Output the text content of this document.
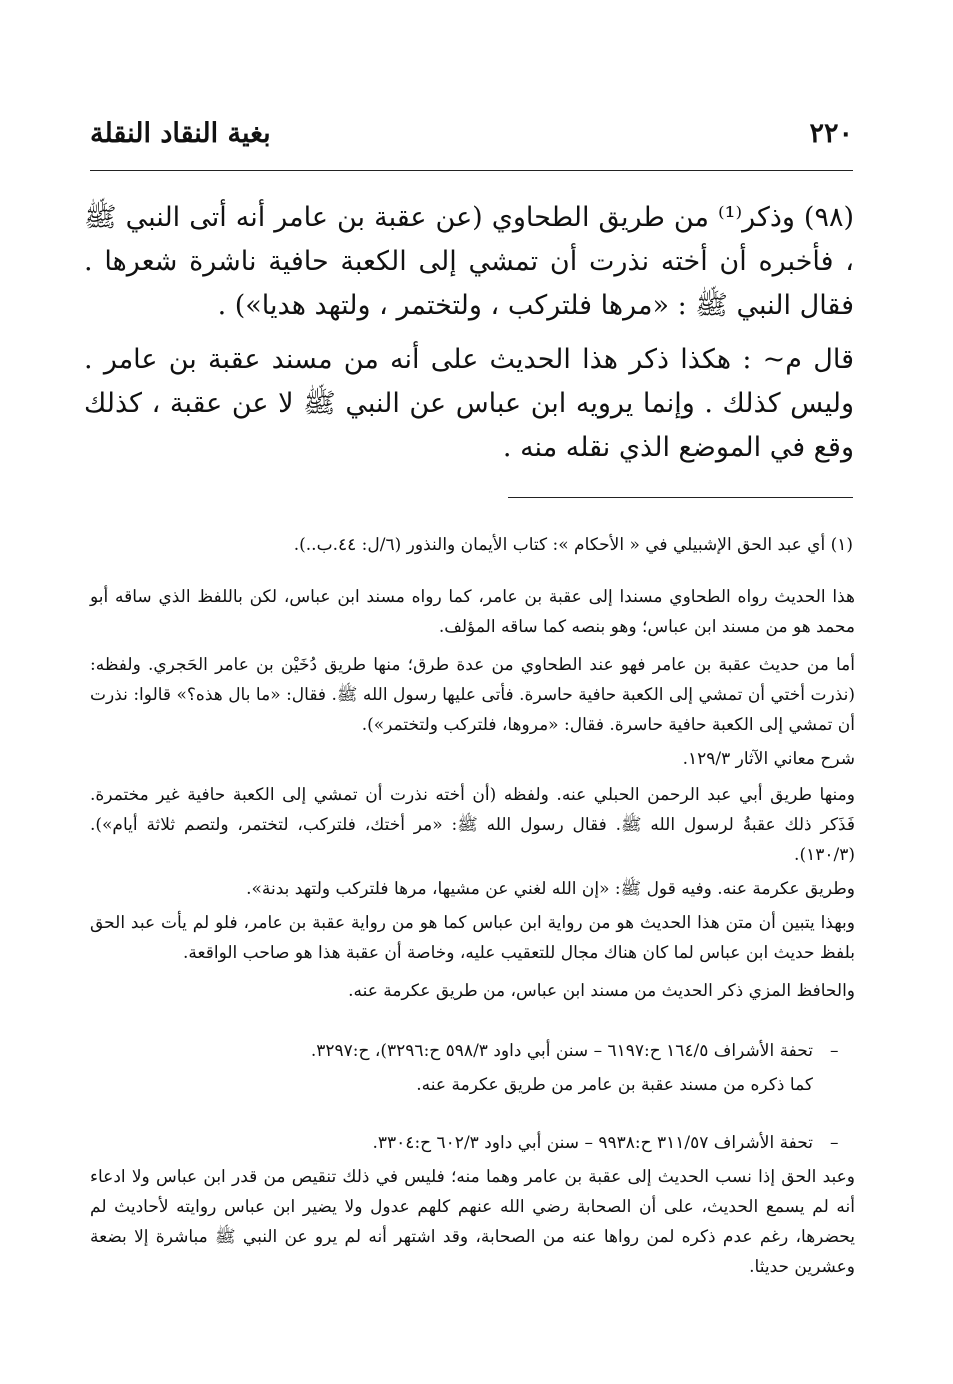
٢٢٠
بغية النقاد النقلة

(٩٨) وذكر⁽¹⁾ من طريق الطحاوي (عن عقبة بن عامر أنه أتى النبي ﷺ ، فأخبره أن أخته نذرت أن تمشي إلى الكعبة حافية ناشرة شعرها . فقال النبي ﷺ : «مرها فلتركب ، ولتختمر ، ولتهد هديا») .

قال م~ : هكذا ذكر هذا الحديث على أنه من مسند عقبة بن عامر . وليس كذلك . وإنما يرويه ابن عباس عن النبي ﷺ لا عن عقبة ، كذلك وقع في الموضع الذي نقله منه .

(١) أي عبد الحق الإشبيلي في « الأحكام »: كتاب الأيمان والنذور (٦/ل: ٤٤.ب..).

هذا الحديث رواه الطحاوي مسندا إلى عقبة بن عامر، كما رواه مسند ابن عباس، لكن باللفظ الذي ساقه أبو محمد هو من مسند ابن عباس؛ وهو بنصه كما ساقه المؤلف.

أما من حديث عقبة بن عامر فهو عند الطحاوي من عدة طرق؛ منها طريق دُخَيْن بن عامر الحَجري. ولفظه: (نذرت أختي أن تمشي إلى الكعبة حافية حاسرة. فأتى عليها رسول الله ﷺ. فقال: «ما بال هذه؟» قالوا: نذرت أن تمشي إلى الكعبة حافية حاسرة. فقال: «مروها، فلتركب ولتختمر»).

شرح معاني الآثار ١٢٩/٣.

ومنها طريق أبي عبد الرحمن الحبلي عنه. ولفظه (أن أخته نذرت أن تمشي إلى الكعبة حافية غير مختمرة. فَذَكر ذلك عقبةُ لرسول الله ﷺ. فقال رسول الله ﷺ: «مر أختك، فلتركب، لتختمر، ولتصم ثلاثة أيام»). (١٣٠/٣).

وطريق عكرمة عنه. وفيه قول ﷺ: «إن الله لغني عن مشيها، مرها فلتركب ولتهد بدنة».

وبهذا يتبين أن متن هذا الحديث هو من رواية ابن عباس كما هو من رواية عقبة بن عامر، فلو لم يأت عبد الحق بلفظ حديث ابن عباس لما كان هناك مجال للتعقيب عليه، وخاصة أن عقبة هذا هو صاحب الواقعة.

والحافظ المزي ذكر الحديث من مسند ابن عباس، من طريق عكرمة عنه.

–

تحفة الأشراف ١٦٤/٥ ح:٦١٩٧ – سنن أبي داود ٥٩٨/٣ ح:٣٢٩٦)، ح:٣٢٩٧.

كما ذكره من مسند عقبة بن عامر من طريق عكرمة عنه.

–

تحفة الأشراف ٣١١/٥٧ ح:٩٩٣٨ – سنن أبي داود ٦٠٢/٣ ح:٣٣٠٤.

وعبد الحق إذا نسب الحديث إلى عقبة بن عامر وهما منه؛ فليس في ذلك تنقيص من قدر ابن عباس ولا ادعاء أنه لم يسمع الحديث، على أن الصحابة رضي الله عنهم كلهم عدول ولا يضير ابن عباس روايته لأحاديث لم يحضرها، رغم عدم ذكره لمن رواها عنه من الصحابة، وقد اشتهر أنه لم يرو عن النبي ﷺ مباشرة إلا بضعة وعشرين حديثا.
